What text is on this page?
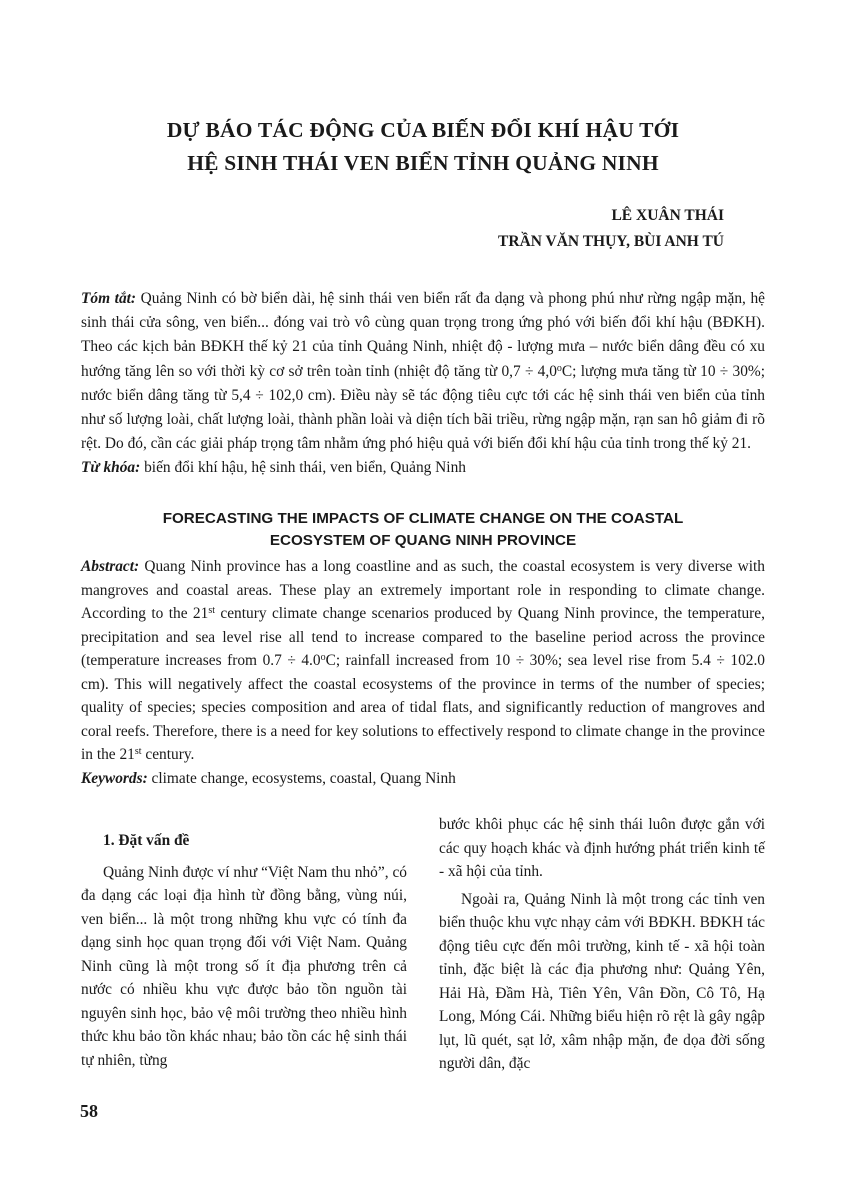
DỰ BÁO TÁC ĐỘNG CỦA BIẾN ĐỔI KHÍ HẬU TỚI
HỆ SINH THÁI VEN BIỂN TỈNH QUẢNG NINH
LÊ XUÂN THÁI
TRẦN VĂN THỤY, BÙI ANH TÚ

Tóm tắt: Quảng Ninh có bờ biển dài, hệ sinh thái ven biển rất đa dạng và phong phú như rừng ngập mặn, hệ sinh thái cửa sông, ven biển... đóng vai trò vô cùng quan trọng trong ứng phó với biến đổi khí hậu (BĐKH). Theo các kịch bản BĐKH thế kỷ 21 của tỉnh Quảng Ninh, nhiệt độ - lượng mưa – nước biển dâng đều có xu hướng tăng lên so với thời kỳ cơ sở trên toàn tỉnh (nhiệt độ tăng từ $0,7 \div 4,0^oC$; lượng mưa tăng từ 10 ÷ 30%; nước biển dâng tăng từ 5,4 ÷ 102,0 cm). Điều này sẽ tác động tiêu cực tới các hệ sinh thái ven biển của tỉnh như số lượng loài, chất lượng loài, thành phần loài và diện tích bãi triều, rừng ngập mặn, rạn san hô giảm đi rõ rệt. Do đó, cần các giải pháp trọng tâm nhằm ứng phó hiệu quả với biến đổi khí hậu của tỉnh trong thế kỷ 21.

Từ khóa: biến đổi khí hậu, hệ sinh thái, ven biển, Quảng Ninh

FORECASTING THE IMPACTS OF CLIMATE CHANGE ON THE COASTAL
ECOSYSTEM OF QUANG NINH PROVINCE

Abstract: Quang Ninh province has a long coastline and as such, the coastal ecosystem is very diverse with mangroves and coastal areas. These play an extremely important role in responding to climate change. According to the 21st century climate change scenarios produced by Quang Ninh province, the temperature, precipitation and sea level rise all tend to increase compared to the baseline period across the province (temperature increases from $0.7 \div 4.0^oC$; rainfall increased from 10 ÷ 30%; sea level rise from 5.4 ÷ 102.0 cm). This will negatively affect the coastal ecosystems of the province in terms of the number of species; quality of species; species composition and area of tidal flats, and significantly reduction of mangroves and coral reefs. Therefore, there is a need for key solutions to effectively respond to climate change in the province in the 21st century.

Keywords: climate change, ecosystems, coastal, Quang Ninh

1. Đặt vấn đề

Quảng Ninh được ví như “Việt Nam thu nhỏ”, có đa dạng các loại địa hình từ đồng bằng, vùng núi, ven biển... là một trong những khu vực có tính đa dạng sinh học quan trọng đối với Việt Nam. Quảng Ninh cũng là một trong số ít địa phương trên cả nước có nhiều khu vực được bảo tồn nguồn tài nguyên sinh học, bảo vệ môi trường theo nhiều hình thức khu bảo tồn khác nhau; bảo tồn các hệ sinh thái tự nhiên, từng

bước khôi phục các hệ sinh thái luôn được gắn với các quy hoạch khác và định hướng phát triển kinh tế - xã hội của tỉnh.

Ngoài ra, Quảng Ninh là một trong các tỉnh ven biển thuộc khu vực nhạy cảm với BĐKH. BĐKH tác động tiêu cực đến môi trường, kinh tế - xã hội toàn tỉnh, đặc biệt là các địa phương như: Quảng Yên, Hải Hà, Đầm Hà, Tiên Yên, Vân Đồn, Cô Tô, Hạ Long, Móng Cái. Những biểu hiện rõ rệt là gây ngập lụt, lũ quét, sạt lở, xâm nhập mặn, đe dọa đời sống người dân, đặc

58
